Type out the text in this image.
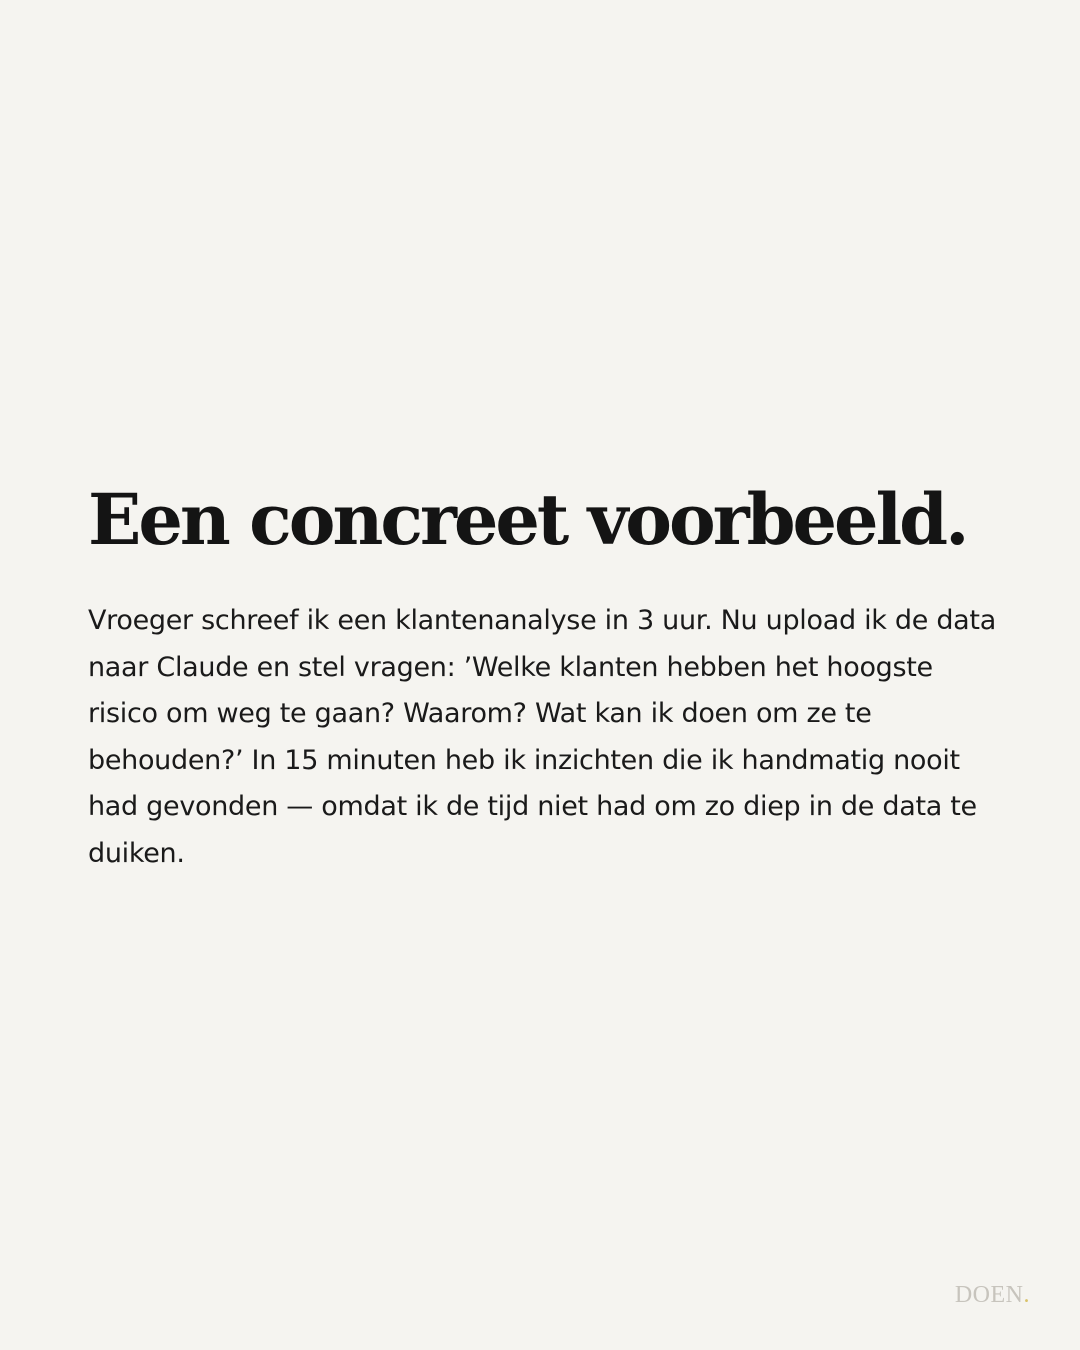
Een concreet voorbeeld.

Vroeger schreef ik een klantenanalyse in 3 uur. Nu upload ik de data naar Claude en stel vragen: ’Welke klanten hebben het hoogste risico om weg te gaan? Waarom? Wat kan ik doen om ze te behouden?’ In 15 minuten heb ik inzichten die ik handmatig nooit had gevonden — omdat ik de tijd niet had om zo diep in de data te duiken.

DOEN.
